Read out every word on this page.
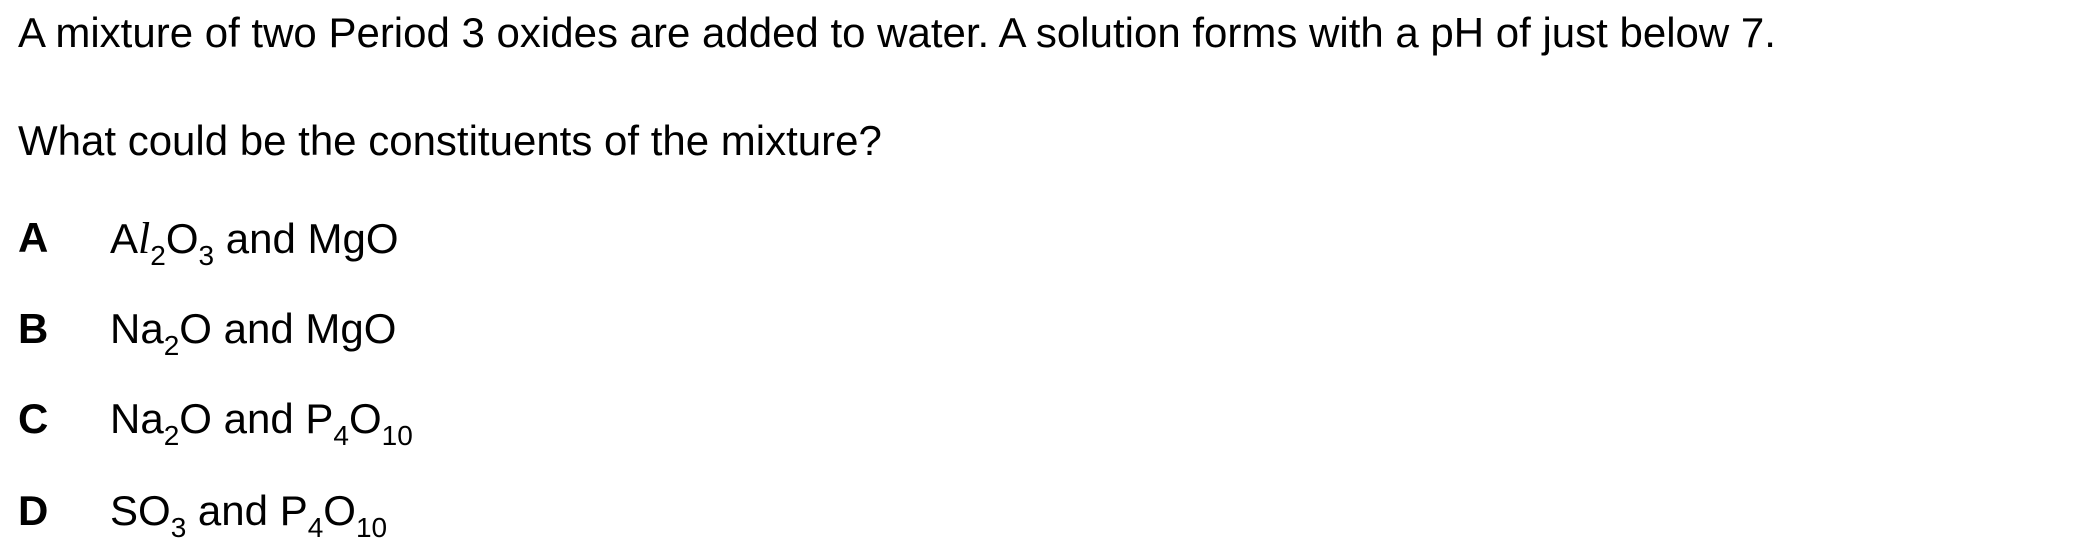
A mixture of two Period 3 oxides are added to water. A solution forms with a pH of just below 7.
What could be the constituents of the mixture?
A $Al_2O_3$ and MgO
B $Na_2O$ and MgO
C $Na_2O$ and $P_4O_{10}$
D $SO_3$ and $P_4O_{10}$
